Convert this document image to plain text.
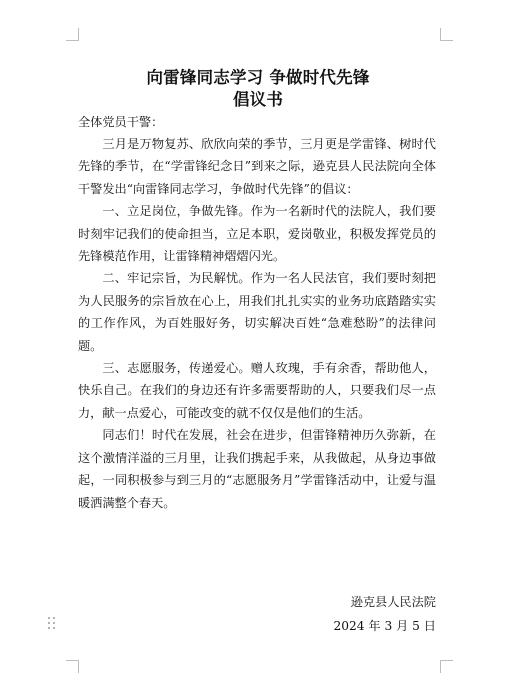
向雷锋同志学习 争做时代先锋
倡议书
全体党员干警：

三月是万物复苏、欣欣向荣的季节，三月更是学雷锋、树时代先锋的季节，在“学雷锋纪念日”到来之际，逊克县人民法院向全体干警发出“向雷锋同志学习，争做时代先锋”的倡议：

一、立足岗位，争做先锋。作为一名新时代的法院人，我们要时刻牢记我们的使命担当，立足本职，爱岗敬业，积极发挥党员的先锋模范作用，让雷锋精神熠熠闪光。

二、牢记宗旨，为民解忧。作为一名人民法官，我们要时刻把为人民服务的宗旨放在心上，用我们扎扎实实的业务功底踏踏实实的工作作风，为百姓服好务，切实解决百姓“急难愁盼”的法律问题。

三、志愿服务，传递爱心。赠人玫瑰，手有余香，帮助他人，快乐自己。在我们的身边还有许多需要帮助的人，只要我们尽一点力，献一点爱心，可能改变的就不仅仅是他们的生活。

同志们！时代在发展，社会在进步，但雷锋精神历久弥新，在这个激情洋溢的三月里，让我们携起手来，从我做起，从身边事做起，一同积极参与到三月的“志愿服务月”学雷锋活动中，让爱与温暖洒满整个春天。

逊克县人民法院
2024 年 3 月 5 日
